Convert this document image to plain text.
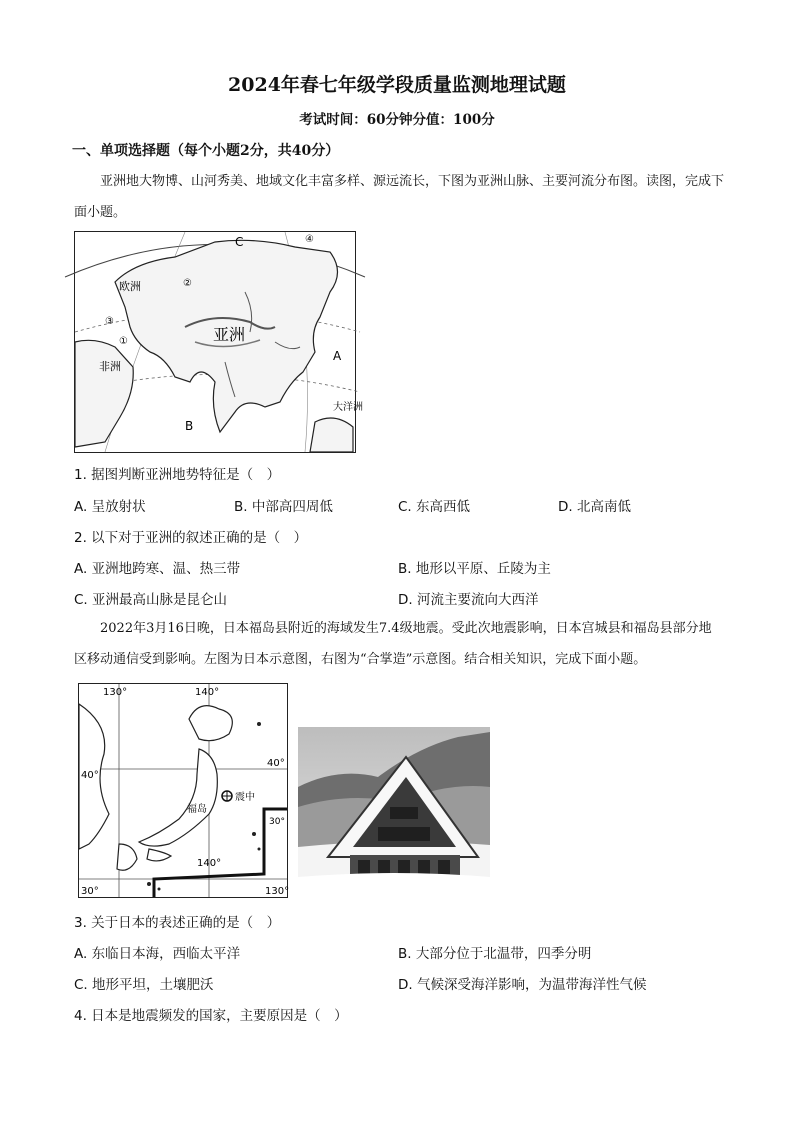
2024年春七年级学段质量监测地理试题
考试时间：60分钟分值：100分
一、单项选择题（每个小题2分，共40分）
亚洲地大物博、山河秀美、地域文化丰富多样、源远流长，下图为亚洲山脉、主要河流分布图。读图，完成下面小题。
亚洲
欧洲
非洲
大洋洲
A
B
C
①
②
③
④
1. 据图判断亚洲地势特征是（　）
A. 呈放射状	B. 中部高四周低	C. 东高西低	D. 北高南低
2. 以下对于亚洲的叙述正确的是（　）
A. 亚洲地跨寒、温、热三带	B. 地形以平原、丘陵为主
C. 亚洲最高山脉是昆仑山	D. 河流主要流向大西洋
2022年3月16日晚，日本福岛县附近的海域发生7.4级地震。受此次地震影响，日本宫城县和福岛县部分地区移动通信受到影响。左图为日本示意图，右图为“合掌造”示意图。结合相关知识，完成下面小题。
130°	140°
40°
40°
福岛
震中
30°
140°
30°	130°
3. 关于日本的表述正确的是（　）
A. 东临日本海，西临太平洋	B. 大部分位于北温带，四季分明
C. 地形平坦，土壤肥沃	D. 气候深受海洋影响，为温带海洋性气候
4. 日本是地震频发的国家，主要原因是（　）
